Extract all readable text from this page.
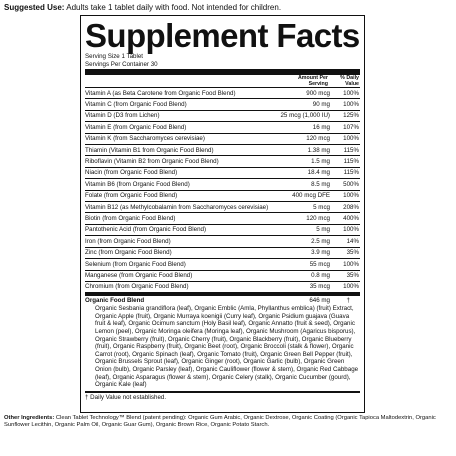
Suggested Use: Adults take 1 tablet daily with food. Not intended for children.
Supplement Facts
Serving Size 1 Tablet
Servings Per Container 30
Amount Per
Serving
% Daily
Value
Vitamin A (as Beta Carotene from Organic Food Blend)	900 mcg	100%
Vitamin C (from Organic Food Blend)	90 mg	100%
Vitamin D (D3 from Lichen)	25 mcg (1,000 IU)	125%
Vitamin E (from Organic Food Blend)	16 mg	107%
Vitamin K (from Saccharomyces cerevisiae)	120 mcg	100%
Thiamin (Vitamin B1 from Organic Food Blend)	1.38 mg	115%
Riboflavin (Vitamin B2 from Organic Food Blend)	1.5 mg	115%
Niacin (from Organic Food Blend)	18.4 mg	115%
Vitamin B6 (from Organic Food Blend)	8.5 mg	500%
Folate (from Organic Food Blend)	400 mcg DFE	100%
Vitamin B12 (as Methylcobalamin from Saccharomyces cerevisiae)	5 mcg	208%
Biotin (from Organic Food Blend)	120 mcg	400%
Pantothenic Acid (from Organic Food Blend)	5 mg	100%
Iron (from Organic Food Blend)	2.5 mg	14%
Zinc (from Organic Food Blend)	3.9 mg	35%
Selenium (from Organic Food Blend)	55 mcg	100%
Manganese (from Organic Food Blend)	0.8 mg	35%
Chromium (from Organic Food Blend)	35 mcg	100%
Organic Food Blend	646 mg	†
Organic Sesbania grandiflora (leaf), Organic Emblic (Amla, Phyllanthus emblica) (fruit) Extract, Organic Apple (fruit), Organic Murraya koenigii (Curry leaf), Organic Psidium guajava (Guava fruit & leaf), Organic Ocimum sanctum (Holy Basil leaf), Organic Annatto (fruit & seed), Organic Lemon (peel), Organic Moringa oleifera (Moringa leaf), Organic Mushroom (Agaricus bisporus), Organic Strawberry (fruit), Organic Cherry (fruit), Organic Blackberry (fruit), Organic Blueberry (fruit), Organic Raspberry (fruit), Organic Beet (root), Organic Broccoli (stalk & flower), Organic Carrot (root), Organic Spinach (leaf), Organic Tomato (fruit), Organic Green Bell Pepper (fruit), Organic Brussels Sprout (leaf), Organic Ginger (root), Organic Garlic (bulb), Organic Green Onion (bulb), Organic Parsley (leaf), Organic Cauliflower (flower & stem), Organic Red Cabbage (leaf), Organic Asparagus (flower & stem), Organic Celery (stalk), Organic Cucumber (gourd), Organic Kale (leaf)
† Daily Value not established.
Other Ingredients: Clean Tablet Technology™ Blend (patent pending): Organic Gum Arabic, Organic Dextrose, Organic Coating (Organic Tapioca Maltodextrin, Organic Sunflower Lecithin, Organic Palm Oil, Organic Guar Gum), Organic Brown Rice, Organic Potato Starch.
